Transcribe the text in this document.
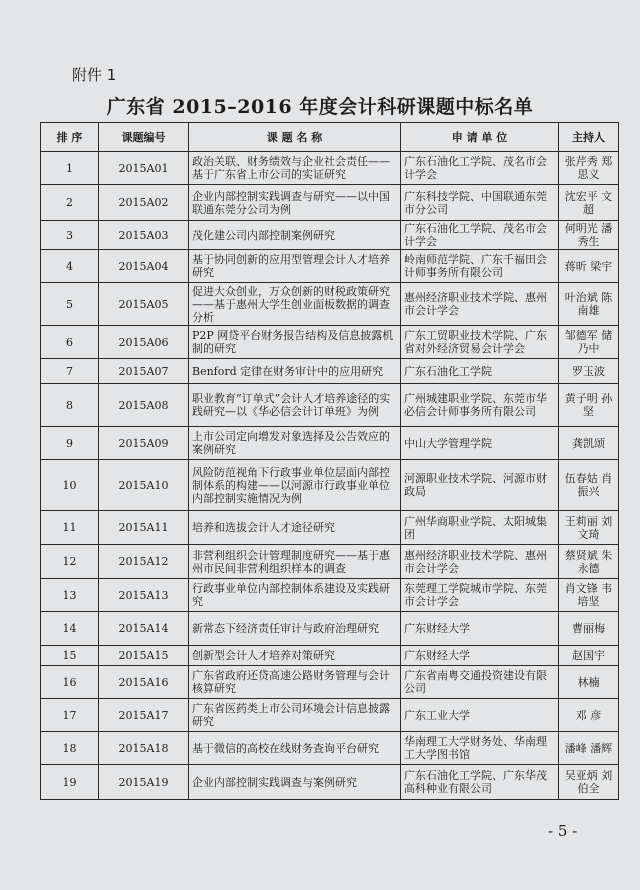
附件 1
广东省 2015–2016 年度会计科研课题中标名单
排 序	课题编号	课 题 名 称	申 请 单 位	主持人
1	2015A01	政治关联、财务绩效与企业社会责任——基于广东省上市公司的实证研究	广东石油化工学院、茂名市会计学会	张芹秀 郑思义
2	2015A02	企业内部控制实践调查与研究——以中国联通东莞分公司为例	广东科技学院、中国联通东莞市分公司	沈宏平 文超
3	2015A03	茂化建公司内部控制案例研究	广东石油化工学院、茂名市会计学会	何明光 潘秀生
4	2015A04	基于协同创新的应用型管理会计人才培养研究	岭南师范学院、广东千福田会计师事务所有限公司	蒋昕 梁宇
5	2015A05	促进大众创业，万众创新的财税政策研究——基于惠州大学生创业面板数据的调查分析	惠州经济职业技术学院、惠州市会计学会	叶治斌 陈南雄
6	2015A06	P2P 网贷平台财务报告结构及信息披露机制的研究	广东工贸职业技术学院、广东省对外经济贸易会计学会	邹德军 储乃中
7	2015A07	Benford 定律在财务审计中的应用研究	广东石油化工学院	罗玉波
8	2015A08	职业教育“订单式”会计人才培养途径的实践研究—以《华必信会计订单班》为例	广州城建职业学院、东莞市华必信会计师事务所有限公司	黄子明 孙坚
9	2015A09	上市公司定向增发对象选择及公告效应的案例研究	中山大学管理学院	龚凯颂
10	2015A10	风险防范视角下行政事业单位层面内部控制体系的构建——以河源市行政事业单位内部控制实施情况为例	河源职业技术学院、河源市财政局	伍春姑 肖振兴
11	2015A11	培养和选拔会计人才途径研究	广州华商职业学院、太阳城集团	王莉丽 刘文琦
12	2015A12	非营利组织会计管理制度研究——基于惠州市民间非营利组织样本的调查	惠州经济职业技术学院、惠州市会计学会	蔡贤斌 朱永德
13	2015A13	行政事业单位内部控制体系建设及实践研究	东莞理工学院城市学院、东莞市会计学会	肖文锋 韦培坚
14	2015A14	新常态下经济责任审计与政府治理研究	广东财经大学	曹丽梅
15	2015A15	创新型会计人才培养对策研究	广东财经大学	赵国宇
16	2015A16	广东省政府还贷高速公路财务管理与会计核算研究	广东省南粤交通投资建设有限公司	林楠
17	2015A17	广东省医药类上市公司环境会计信息披露研究	广东工业大学	邓 彦
18	2015A18	基于微信的高校在线财务查询平台研究	华南理工大学财务处、华南理工大学图书馆	潘峰 潘辉
19	2015A19	企业内部控制实践调查与案例研究	广东石油化工学院、广东华茂高科种业有限公司	吴亚炳 刘伯全
- 5 -
